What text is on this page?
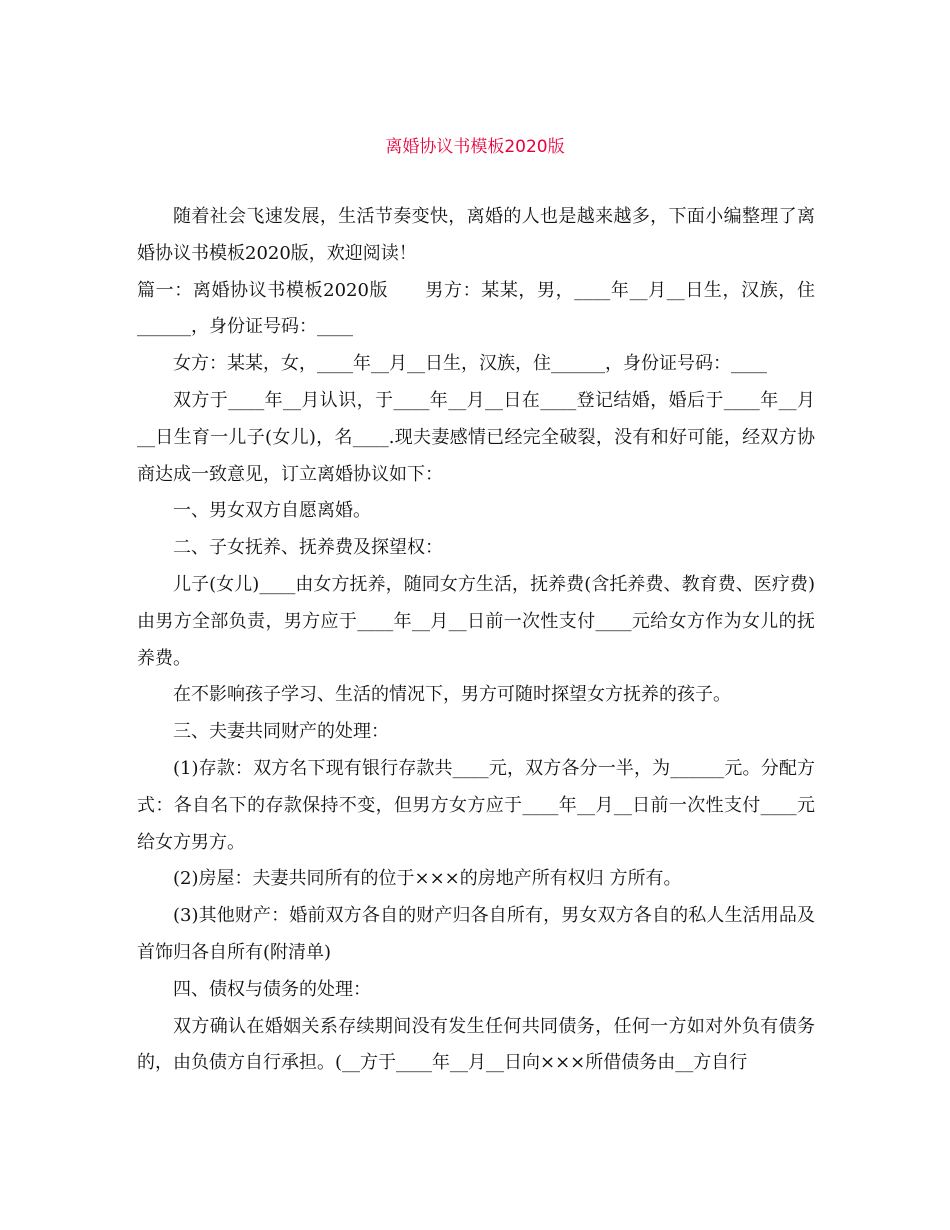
离婚协议书模板2020版

随着社会飞速发展，生活节奏变快，离婚的人也是越来越多，下面小编整理了离婚协议书模板2020版，欢迎阅读！

篇一：离婚协议书模板2020版　　男方：某某，男，____年__月__日生，汉族，住______，身份证号码：____

女方：某某，女，____年__月__日生，汉族，住______，身份证号码：____

双方于____年__月认识，于____年__月__日在____登记结婚，婚后于____年__月__日生育一儿子(女儿)，名____.现夫妻感情已经完全破裂，没有和好可能，经双方协商达成一致意见，订立离婚协议如下：

一、男女双方自愿离婚。

二、子女抚养、抚养费及探望权：

儿子(女儿)____由女方抚养，随同女方生活，抚养费(含托养费、教育费、医疗费)由男方全部负责，男方应于____年__月__日前一次性支付____元给女方作为女儿的抚养费。

在不影响孩子学习、生活的情况下，男方可随时探望女方抚养的孩子。

三、夫妻共同财产的处理：

(1)存款：双方名下现有银行存款共____元，双方各分一半，为______元。分配方式：各自名下的存款保持不变，但男方女方应于____年__月__日前一次性支付____元给女方男方。

(2)房屋：夫妻共同所有的位于×××的房地产所有权归 方所有。

(3)其他财产：婚前双方各自的财产归各自所有，男女双方各自的私人生活用品及首饰归各自所有(附清单)

四、债权与债务的处理：

双方确认在婚姻关系存续期间没有发生任何共同债务，任何一方如对外负有债务的，由负债方自行承担。(__方于____年__月__日向×××所借债务由__方自行
